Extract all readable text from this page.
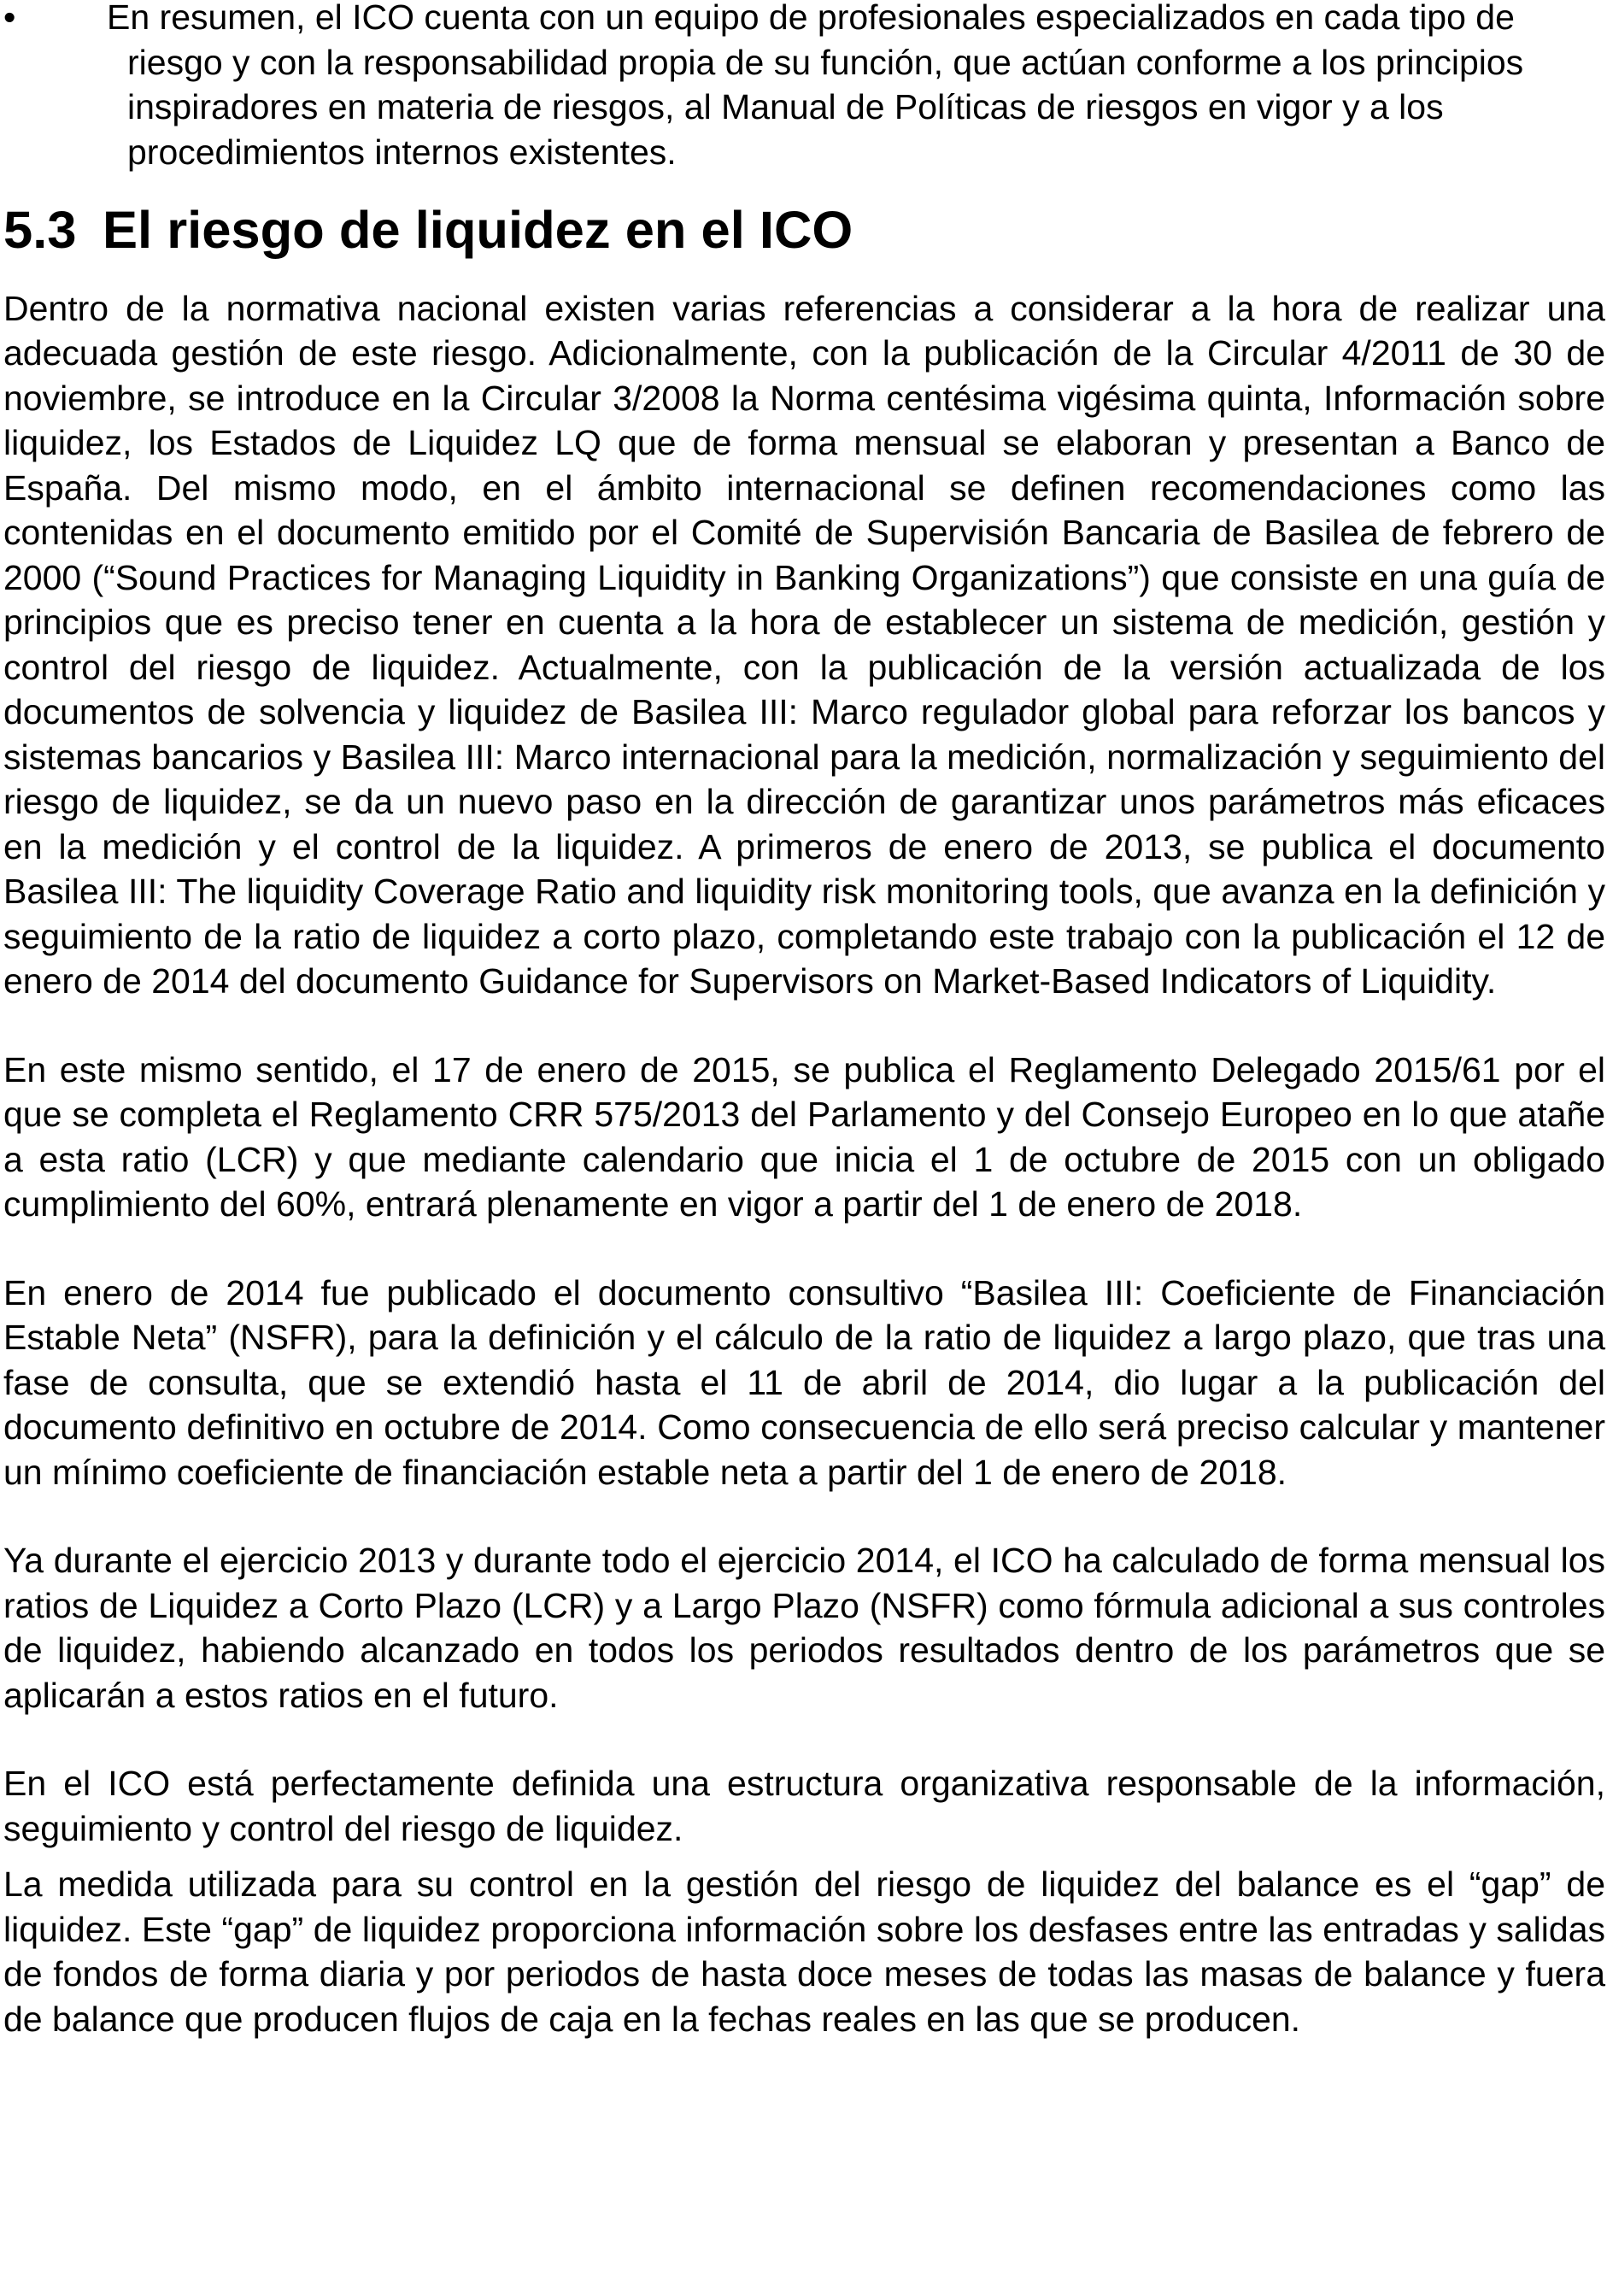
•	En resumen, el ICO cuenta con un equipo de profesionales especializados en cada tipo de riesgo y con la responsabilidad propia de su función, que actúan conforme a los principios inspiradores en materia de riesgos, al Manual de Políticas de riesgos en vigor y a los procedimientos internos existentes.

5.3 El riesgo de liquidez en el ICO

Dentro de la normativa nacional existen varias referencias a considerar a la hora de realizar una adecuada gestión de este riesgo. Adicionalmente, con la publicación de la Circular 4/2011 de 30 de noviembre, se introduce en la Circular 3/2008 la Norma centésima vigésima quinta, Información sobre liquidez, los Estados de Liquidez LQ que de forma mensual se elaboran y presentan a Banco de España. Del mismo modo, en el ámbito internacional se definen recomendaciones como las contenidas en el documento emitido por el Comité de Supervisión Bancaria de Basilea de febrero de 2000 (“Sound Practices for Managing Liquidity in Banking Organizations”) que consiste en una guía de principios que es preciso tener en cuenta a la hora de establecer un sistema de medición, gestión y control del riesgo de liquidez. Actualmente, con la publicación de la versión actualizada de los documentos de solvencia y liquidez de Basilea III: Marco regulador global para reforzar los bancos y sistemas bancarios y Basilea III: Marco internacional para la medición, normalización y seguimiento del riesgo de liquidez, se da un nuevo paso en la dirección de garantizar unos parámetros más eficaces en la medición y el control de la liquidez. A primeros de enero de 2013, se publica el documento Basilea III: The liquidity Coverage Ratio and liquidity risk monitoring tools, que avanza en la definición y seguimiento de la ratio de liquidez a corto plazo, completando este trabajo con la publicación el 12 de enero de 2014 del documento Guidance for Supervisors on Market-Based Indicators of Liquidity.

En este mismo sentido, el 17 de enero de 2015, se publica el Reglamento Delegado 2015/61 por el que se completa el Reglamento CRR 575/2013 del Parlamento y del Consejo Europeo en lo que atañe a esta ratio (LCR) y que mediante calendario que inicia el 1 de octubre de 2015 con un obligado cumplimiento del 60%, entrará plenamente en vigor a partir del 1 de enero de 2018.

En enero de 2014 fue publicado el documento consultivo “Basilea III: Coeficiente de Financiación Estable Neta” (NSFR), para la definición y el cálculo de la ratio de liquidez a largo plazo, que tras una fase de consulta, que se extendió hasta el 11 de abril de 2014, dio lugar a la publicación del documento definitivo en octubre de 2014. Como consecuencia de ello será preciso calcular y mantener un mínimo coeficiente de financiación estable neta a partir del 1 de enero de 2018.

Ya durante el ejercicio 2013 y durante todo el ejercicio 2014, el ICO ha calculado de forma mensual los ratios de Liquidez a Corto Plazo (LCR) y a Largo Plazo (NSFR) como fórmula adicional a sus controles de liquidez, habiendo alcanzado en todos los periodos resultados dentro de los parámetros que se aplicarán a estos ratios en el futuro.

En el ICO está perfectamente definida una estructura organizativa responsable de la información, seguimiento y control del riesgo de liquidez.

La medida utilizada para su control en la gestión del riesgo de liquidez del balance es el “gap” de liquidez. Este “gap” de liquidez proporciona información sobre los desfases entre las entradas y salidas de fondos de forma diaria y por periodos de hasta doce meses de todas las masas de balance y fuera de balance que producen flujos de caja en la fechas reales en las que se producen.
